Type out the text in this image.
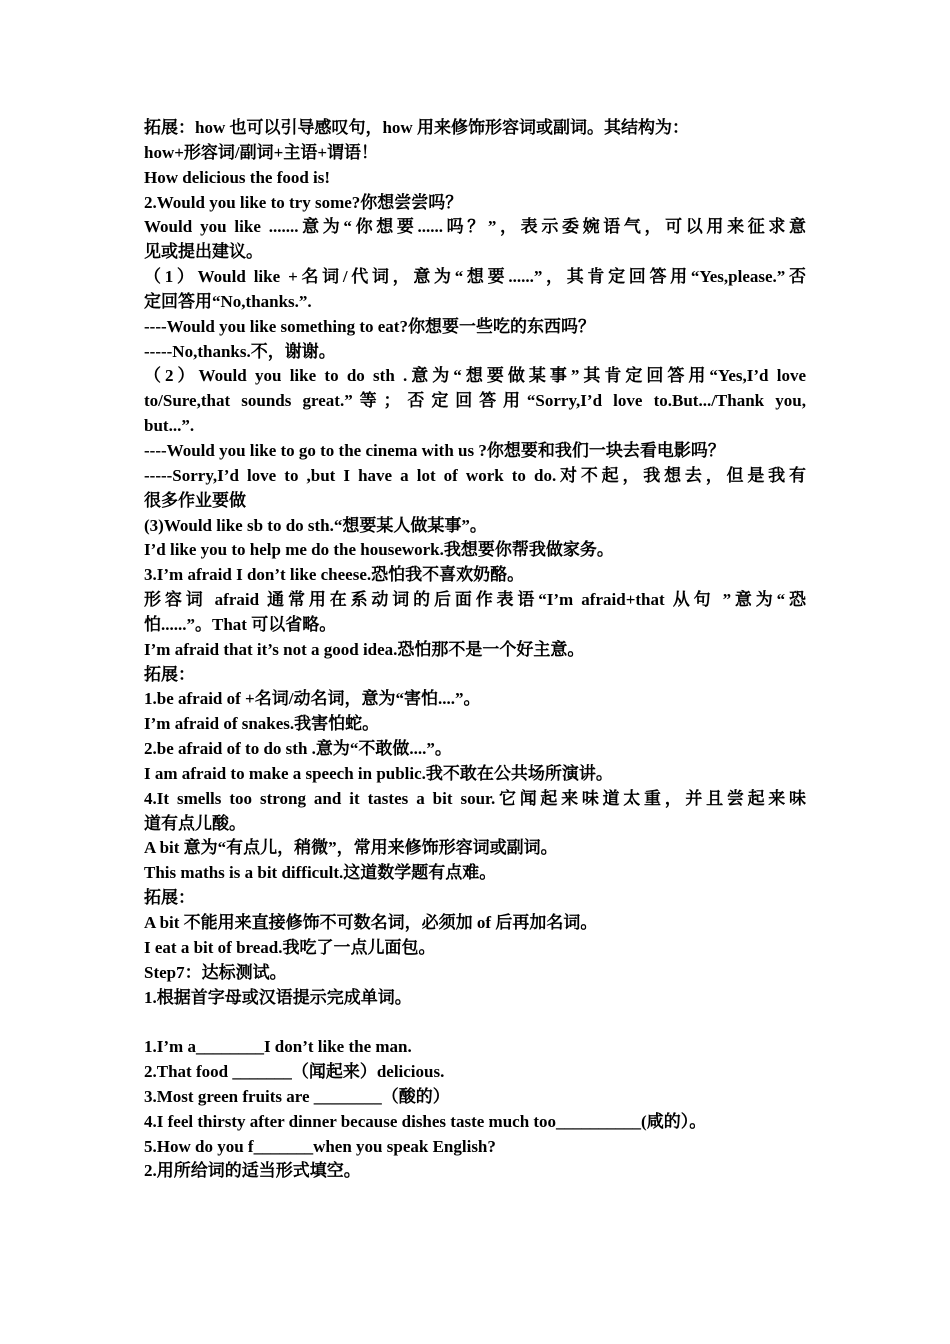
拓展：how 也可以引导感叹句，how 用来修饰形容词或副词。其结构为：
how+形容词/副词+主语+谓语！
How delicious the food is!
2.Would you like to try some?你想尝尝吗？
Would you like .......意为“你想要......吗？”，表示委婉语气，可以用来征求意
见或提出建议。
（1）Would like +名词/代词，意为“想要......”，其肯定回答用“Yes,please.”否
定回答用“No,thanks.”.
----Would you like something to eat?你想要一些吃的东西吗？
-----No,thanks.不，谢谢。
（2）Would you like to do sth .意为“想要做某事”其肯定回答用“Yes,I’d love
to/Sure,that sounds great.”等；否定回答用“Sorry,I’d love to.But.../Thank you,
but...”.
----Would you like to go to the cinema with us ?你想要和我们一块去看电影吗？
-----Sorry,I’d love to ,but I have a lot of work to do.对不起，我想去，但是我有
很多作业要做
(3)Would like sb to do sth.“想要某人做某事”。
I’d like you to help me do the housework.我想要你帮我做家务。
3.I’m afraid I don’t like cheese.恐怕我不喜欢奶酪。
形容词 afraid 通常用在系动词的后面作表语“I’m afraid+that 从句 ”意为“恐
怕......”。That 可以省略。
I’m afraid that it’s not a good idea.恐怕那不是一个好主意。
拓展：
1.be afraid of +名词/动名词，意为“害怕....”。
I’m afraid of snakes.我害怕蛇。
2.be afraid of to do sth .意为“不敢做....”。
I am afraid to make a speech in public.我不敢在公共场所演讲。
4.It smells too strong and it tastes a bit sour.它闻起来味道太重，并且尝起来味
道有点儿酸。
A bit 意为“有点儿，稍微”，常用来修饰形容词或副词。
This maths is a bit difficult.这道数学题有点难。
拓展：
A bit 不能用来直接修饰不可数名词，必须加 of 后再加名词。
I eat a bit of bread.我吃了一点儿面包。
Step7：达标测试。
1.根据首字母或汉语提示完成单词。
1.I’m a________I don’t like the man.
2.That food _______（闻起来）delicious.
3.Most green fruits are ________（酸的）
4.I feel thirsty after dinner because dishes taste much too__________(咸的）。
5.How do you f_______when you speak English?
2.用所给词的适当形式填空。
